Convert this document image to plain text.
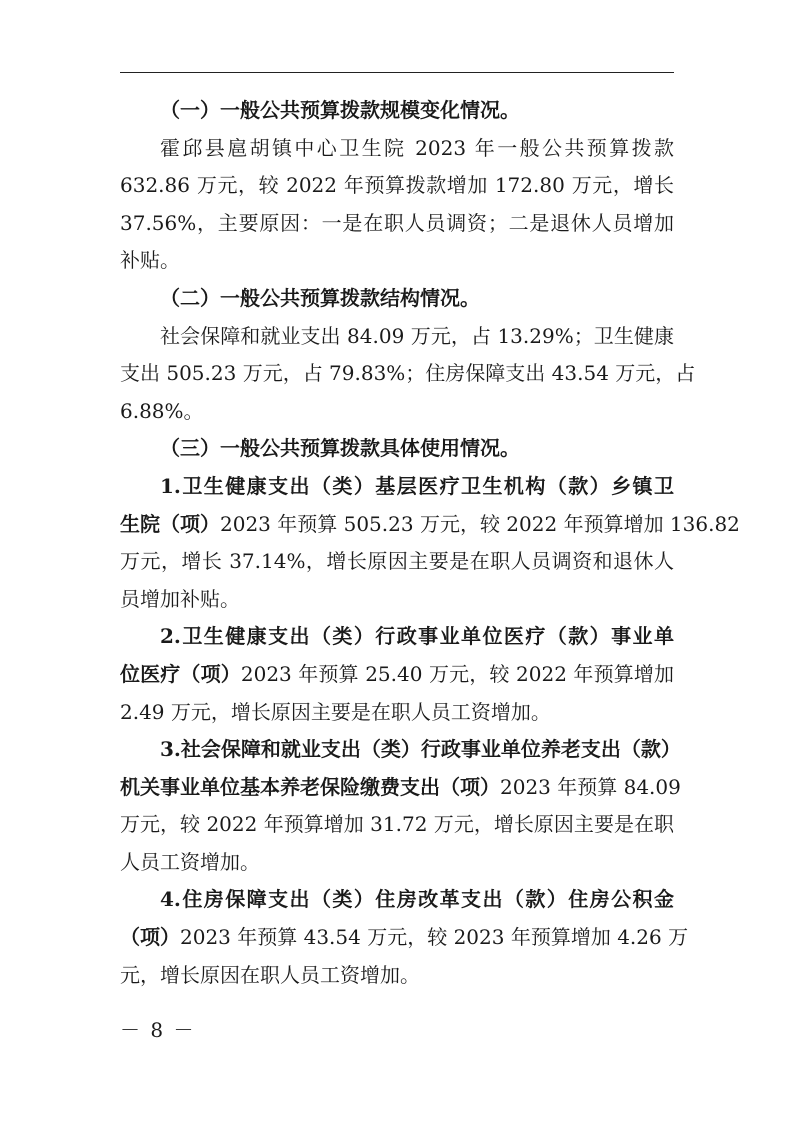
（一）一般公共预算拨款规模变化情况。
霍邱县扈胡镇中心卫生院 2023 年一般公共预算拨款
632.86 万元，较 2022 年预算拨款增加 172.80 万元，增长
37.56%，主要原因：一是在职人员调资；二是退休人员增加
补贴。
（二）一般公共预算拨款结构情况。
社会保障和就业支出 84.09 万元，占 13.29%；卫生健康
支出 505.23 万元，占 79.83%；住房保障支出 43.54 万元，占
6.88%。
（三）一般公共预算拨款具体使用情况。
1.卫生健康支出（类）基层医疗卫生机构（款）乡镇卫
生院（项）2023 年预算 505.23 万元，较 2022 年预算增加 136.82
万元，增长 37.14%，增长原因主要是在职人员调资和退休人
员增加补贴。
2.卫生健康支出（类）行政事业单位医疗（款）事业单
位医疗（项）2023 年预算 25.40 万元，较 2022 年预算增加
2.49 万元，增长原因主要是在职人员工资增加。
3.社会保障和就业支出（类）行政事业单位养老支出（款）
机关事业单位基本养老保险缴费支出（项）2023 年预算 84.09
万元，较 2022 年预算增加 31.72 万元，增长原因主要是在职
人员工资增加。
4.住房保障支出（类）住房改革支出（款）住房公积金
（项）2023 年预算 43.54 万元，较 2023 年预算增加 4.26 万
元，增长原因在职人员工资增加。
－ 8 －
